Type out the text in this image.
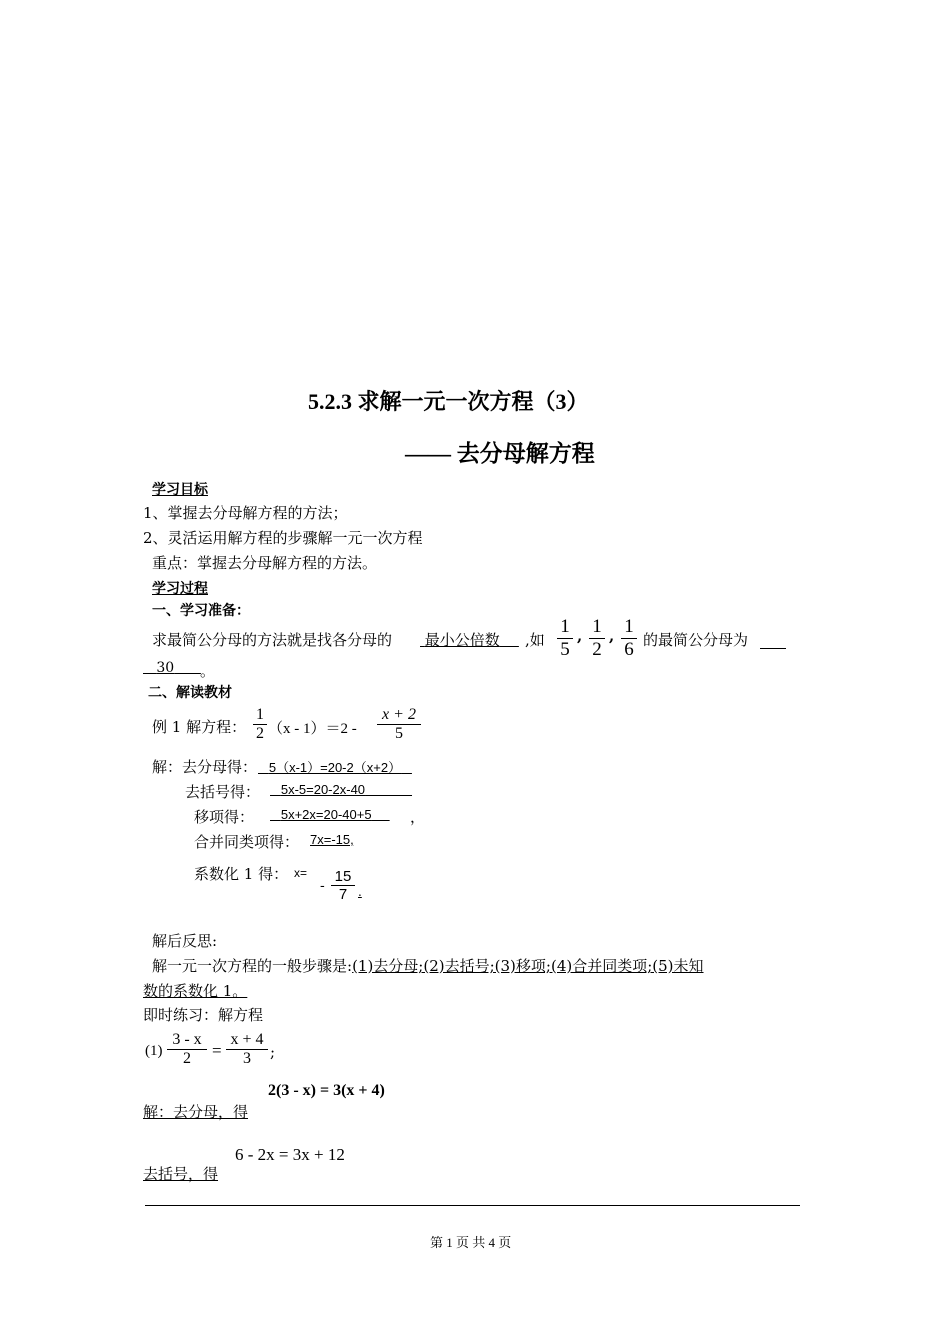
5.2.3 求解一元一次方程（3）
—— 去分母解方程
学习目标
1、掌握去分母解方程的方法；
2、灵活运用解方程的步骤解一元一次方程
重点：掌握去分母解方程的方法。
学习过程
一、学习准备：
求最简公分母的方法就是找各分母的	最小公倍数	,如
1
5
, 1
2
, 1
6 的最简公分母为
30	。
二、解读教材
例 1 解方程：
1
2 （x - 1）＝2 -
x + 2
5
解：去分母得： 5（x-1）=20-2（x+2）
去括号得：	5x-5=20-2x-40
移项得：	5x+2x=20-40+5	，
合并同类项得： 7x=-15,
系数化 1 得： x=
-
15
7 .
解后反思:
解一元一次方程的一般步骤是:(1)去分母;(2)去括号;(3)移项;(4)合并同类项;(5)未知
数的系数化 1。
即时练习：解方程
(1)
3 - x
2	=
x + 4
3	;
2(3 - x) = 3(x + 4)
解：去分母，得
6 - 2x = 3x + 12
去括号，得
第 1 页 共 4 页
